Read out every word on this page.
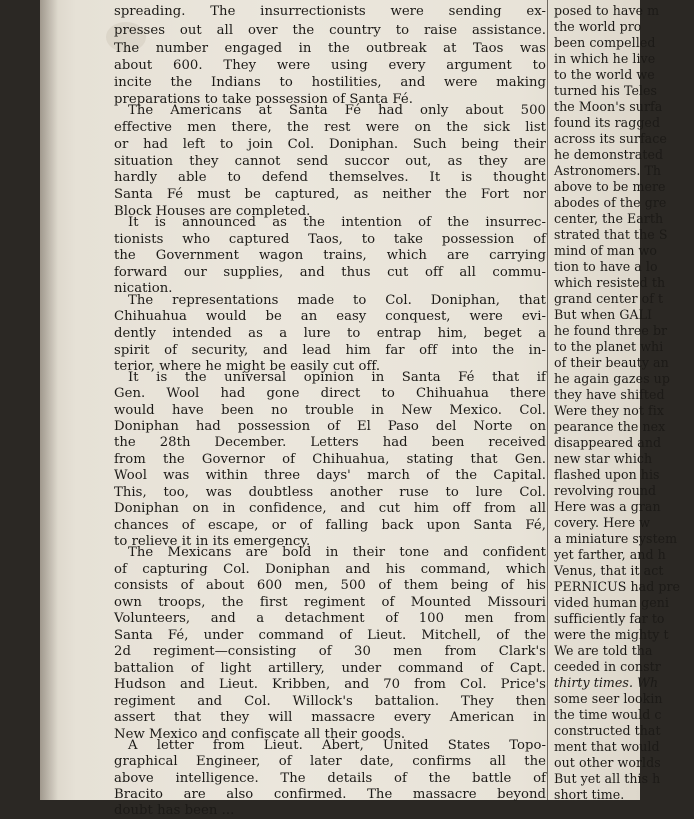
spreading. The insurrectionists were sending ex-
presses out all over the country to raise assistance.
The number engaged in the outbreak at Taos was
about 600. They were using every argument to
incite the Indians to hostilities, and were making
preparations to take possession of Santa Fé.
The Americans at Santa Fé had only about 500
effective men there, the rest were on the sick list
or had left to join Col. Doniphan. Such being their
situation they cannot send succor out, as they are
hardly able to defend themselves. It is thought
Santa Fé must be captured, as neither the Fort nor
Block Houses are completed.
It is announced as the intention of the insurrec-
tionists who captured Taos, to take possession of
the Government wagon trains, which are carrying
forward our supplies, and thus cut off all commu-
nication.
The representations made to Col. Doniphan, that
Chihuahua would be an easy conquest, were evi-
dently intended as a lure to entrap him, beget a
spirit of security, and lead him far off into the in-
terior, where he might be easily cut off.
It is the universal opinion in Santa Fé that if
Gen. Wool had gone direct to Chihuahua there
would have been no trouble in New Mexico. Col.
Doniphan had possession of El Paso del Norte on
the 28th December. Letters had been received
from the Governor of Chihuahua, stating that Gen.
Wool was within three days' march of the Capital.
This, too, was doubtless another ruse to lure Col.
Doniphan on in confidence, and cut him off from all
chances of escape, or of falling back upon Santa Fé,
to relieve it in its emergency.
The Mexicans are bold in their tone and confident
of capturing Col. Doniphan and his command, which
consists of about 600 men, 500 of them being of his
own troops, the first regiment of Mounted Missouri
Volunteers, and a detachment of 100 men from
Santa Fé, under command of Lieut. Mitchell, of the
2d regiment—consisting of 30 men from Clark's
battalion of light artillery, under command of Capt.
Hudson and Lieut. Kribben, and 70 from Col. Price's
regiment and Col. Willock's battalion. They then
assert that they will massacre every American in
New Mexico and confiscate all their goods.
A letter from Lieut. Abert, United States Topo-
graphical Engineer, of later date, confirms all the
above intelligence. The details of the battle of
Bracito are also confirmed. The massacre beyond
doubt has been ...
posed to have m
the world pro
been compelled
in which he live
to the world we
turned his Teles
the Moon's surfa
found its ragged
across its surface
he demonstrated
Astronomers. Th
above to be mere
abodes of the gre
center, the Earth
strated that the S
mind of man wo
tion to have a lo
which resisted th
grand center of t
But when GALI
he found three br
to the planet whi
of their beauty an
he again gazes up
they have shifted
Were they not fix
pearance the nex
disappeared and
new star which
flashed upon his
revolving round
Here was a gran
covery. Here w
a miniature system
yet farther, and h
Venus, that it act
PERNICUS had pre
vided human geni
sufficiently far to
were the mighty t
We are told tha
ceeded in constr
thirty times. Wh
some seer lookin
the time would c
constructed that
ment that would
out other worlds
But yet all this h
short time.
